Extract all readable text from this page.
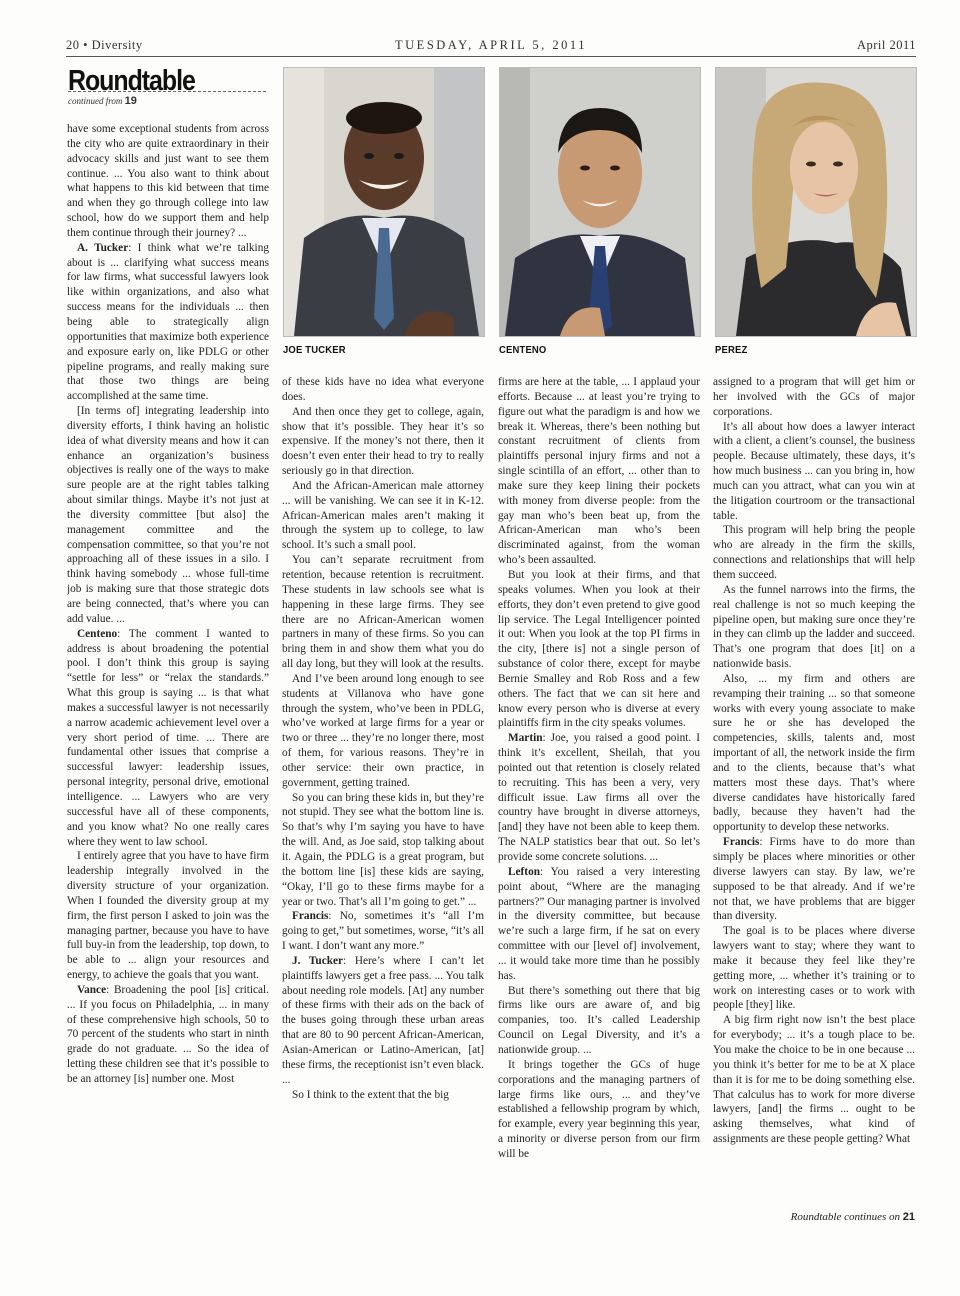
20 • Diversity	TUESDAY, APRIL 5, 2011	April 2011
Roundtable
continued from 19
JOE TUCKER	CENTENO	PEREZ

have some exceptional students from across the city who are quite extraordinary in their advocacy skills and just want to see them continue. ... You also want to think about what happens to this kid between that time and when they go through college into law school, how do we support them and help them continue through their journey? ...

A. Tucker: I think what we’re talking about is ... clarifying what success means for law firms, what successful lawyers look like within organizations, and also what success means for the individuals ... then being able to strategically align opportunities that maximize both experience and exposure early on, like PDLG or other pipeline programs, and really making sure that those two things are being accomplished at the same time.

[In terms of] integrating leadership into diversity efforts, I think having an holistic idea of what diversity means and how it can enhance an organization’s business objectives is really one of the ways to make sure people are at the right tables talking about similar things. Maybe it’s not just at the diversity committee [but also] the management committee and the compensation committee, so that you’re not approaching all of these issues in a silo. I think having somebody ... whose full-time job is making sure that those strategic dots are being connected, that’s where you can add value. ...

Centeno: The comment I wanted to address is about broadening the potential pool. I don’t think this group is saying “settle for less” or “relax the standards.” What this group is saying ... is that what makes a successful lawyer is not necessarily a narrow academic achievement level over a very short period of time. ... There are fundamental other issues that comprise a successful lawyer: leadership issues, personal integrity, personal drive, emotional intelligence. ... Lawyers who are very successful have all of these components, and you know what? No one really cares where they went to law school.

I entirely agree that you have to have firm leadership integrally involved in the diversity structure of your organization. When I founded the diversity group at my firm, the first person I asked to join was the managing partner, because you have to have full buy-in from the leadership, top down, to be able to ... align your resources and energy, to achieve the goals that you want.

Vance: Broadening the pool [is] critical. ... If you focus on Philadelphia, ... in many of these comprehensive high schools, 50 to 70 percent of the students who start in ninth grade do not graduate. ... So the idea of letting these children see that it’s possible to be an attorney [is] number one. Most

of these kids have no idea what everyone does.

And then once they get to college, again, show that it’s possible. They hear it’s so expensive. If the money’s not there, then it doesn’t even enter their head to try to really seriously go in that direction.

And the African-American male attorney ... will be vanishing. We can see it in K-12. African-American males aren’t making it through the system up to college, to law school. It’s such a small pool.

You can’t separate recruitment from retention, because retention is recruitment. These students in law schools see what is happening in these large firms. They see there are no African-American women partners in many of these firms. So you can bring them in and show them what you do all day long, but they will look at the results.

And I’ve been around long enough to see students at Villanova who have gone through the system, who’ve been in PDLG, who’ve worked at large firms for a year or two or three ... they’re no longer there, most of them, for various reasons. They’re in other service: their own practice, in government, getting trained.

So you can bring these kids in, but they’re not stupid. They see what the bottom line is. So that’s why I’m saying you have to have the will. And, as Joe said, stop talking about it. Again, the PDLG is a great program, but the bottom line [is] these kids are saying, “Okay, I’ll go to these firms maybe for a year or two. That’s all I’m going to get.” ...

Francis: No, sometimes it’s “all I’m going to get,” but sometimes, worse, “it’s all I want. I don’t want any more.”

J. Tucker: Here’s where I can’t let plaintiffs lawyers get a free pass. ... You talk about needing role models. [At] any number of these firms with their ads on the back of the buses going through these urban areas that are 80 to 90 percent African-American, Asian-American or Latino-American, [at] these firms, the receptionist isn’t even black. ...

So I think to the extent that the big

firms are here at the table, ... I applaud your efforts. Because ... at least you’re trying to figure out what the paradigm is and how we break it. Whereas, there’s been nothing but constant recruitment of clients from plaintiffs personal injury firms and not a single scintilla of an effort, ... other than to make sure they keep lining their pockets with money from diverse people: from the gay man who’s been beat up, from the African-American man who’s been discriminated against, from the woman who’s been assaulted.

But you look at their firms, and that speaks volumes. When you look at their efforts, they don’t even pretend to give good lip service. The Legal Intelligencer pointed it out: When you look at the top PI firms in the city, [there is] not a single person of substance of color there, except for maybe Bernie Smalley and Rob Ross and a few others. The fact that we can sit here and know every person who is diverse at every plaintiffs firm in the city speaks volumes.

Martin: Joe, you raised a good point. I think it’s excellent, Sheilah, that you pointed out that retention is closely related to recruiting. This has been a very, very difficult issue. Law firms all over the country have brought in diverse attorneys, [and] they have not been able to keep them. The NALP statistics bear that out. So let’s provide some concrete solutions. ...

Lefton: You raised a very interesting point about, “Where are the managing partners?” Our managing partner is involved in the diversity committee, but because we’re such a large firm, if he sat on every committee with our [level of] involvement, ... it would take more time than he possibly has.

But there’s something out there that big firms like ours are aware of, and big companies, too. It’s called Leadership Council on Legal Diversity, and it’s a nationwide group. ...

It brings together the GCs of huge corporations and the managing partners of large firms like ours, ... and they’ve established a fellowship program by which, for example, every year beginning this year, a minority or diverse person from our firm will be

assigned to a program that will get him or her involved with the GCs of major corporations.

It’s all about how does a lawyer interact with a client, a client’s counsel, the business people. Because ultimately, these days, it’s how much business ... can you bring in, how much can you attract, what can you win at the litigation courtroom or the transactional table.

This program will help bring the people who are already in the firm the skills, connections and relationships that will help them succeed.

As the funnel narrows into the firms, the real challenge is not so much keeping the pipeline open, but making sure once they’re in they can climb up the ladder and succeed. That’s one program that does [it] on a nationwide basis.

Also, ... my firm and others are revamping their training ... so that someone works with every young associate to make sure he or she has developed the competencies, skills, talents and, most important of all, the network inside the firm and to the clients, because that’s what matters most these days. That’s where diverse candidates have historically fared badly, because they haven’t had the opportunity to develop these networks.

Francis: Firms have to do more than simply be places where minorities or other diverse lawyers can stay. By law, we’re supposed to be that already. And if we’re not that, we have problems that are bigger than diversity.

The goal is to be places where diverse lawyers want to stay; where they want to make it because they feel like they’re getting more, ... whether it’s training or to work on interesting cases or to work with people [they] like.

A big firm right now isn’t the best place for everybody; ... it’s a tough place to be. You make the choice to be in one because ... you think it’s better for me to be at X place than it is for me to be doing something else. That calculus has to work for more diverse lawyers, [and] the firms ... ought to be asking themselves, what kind of assignments are these people getting? What

Roundtable continues on 21
